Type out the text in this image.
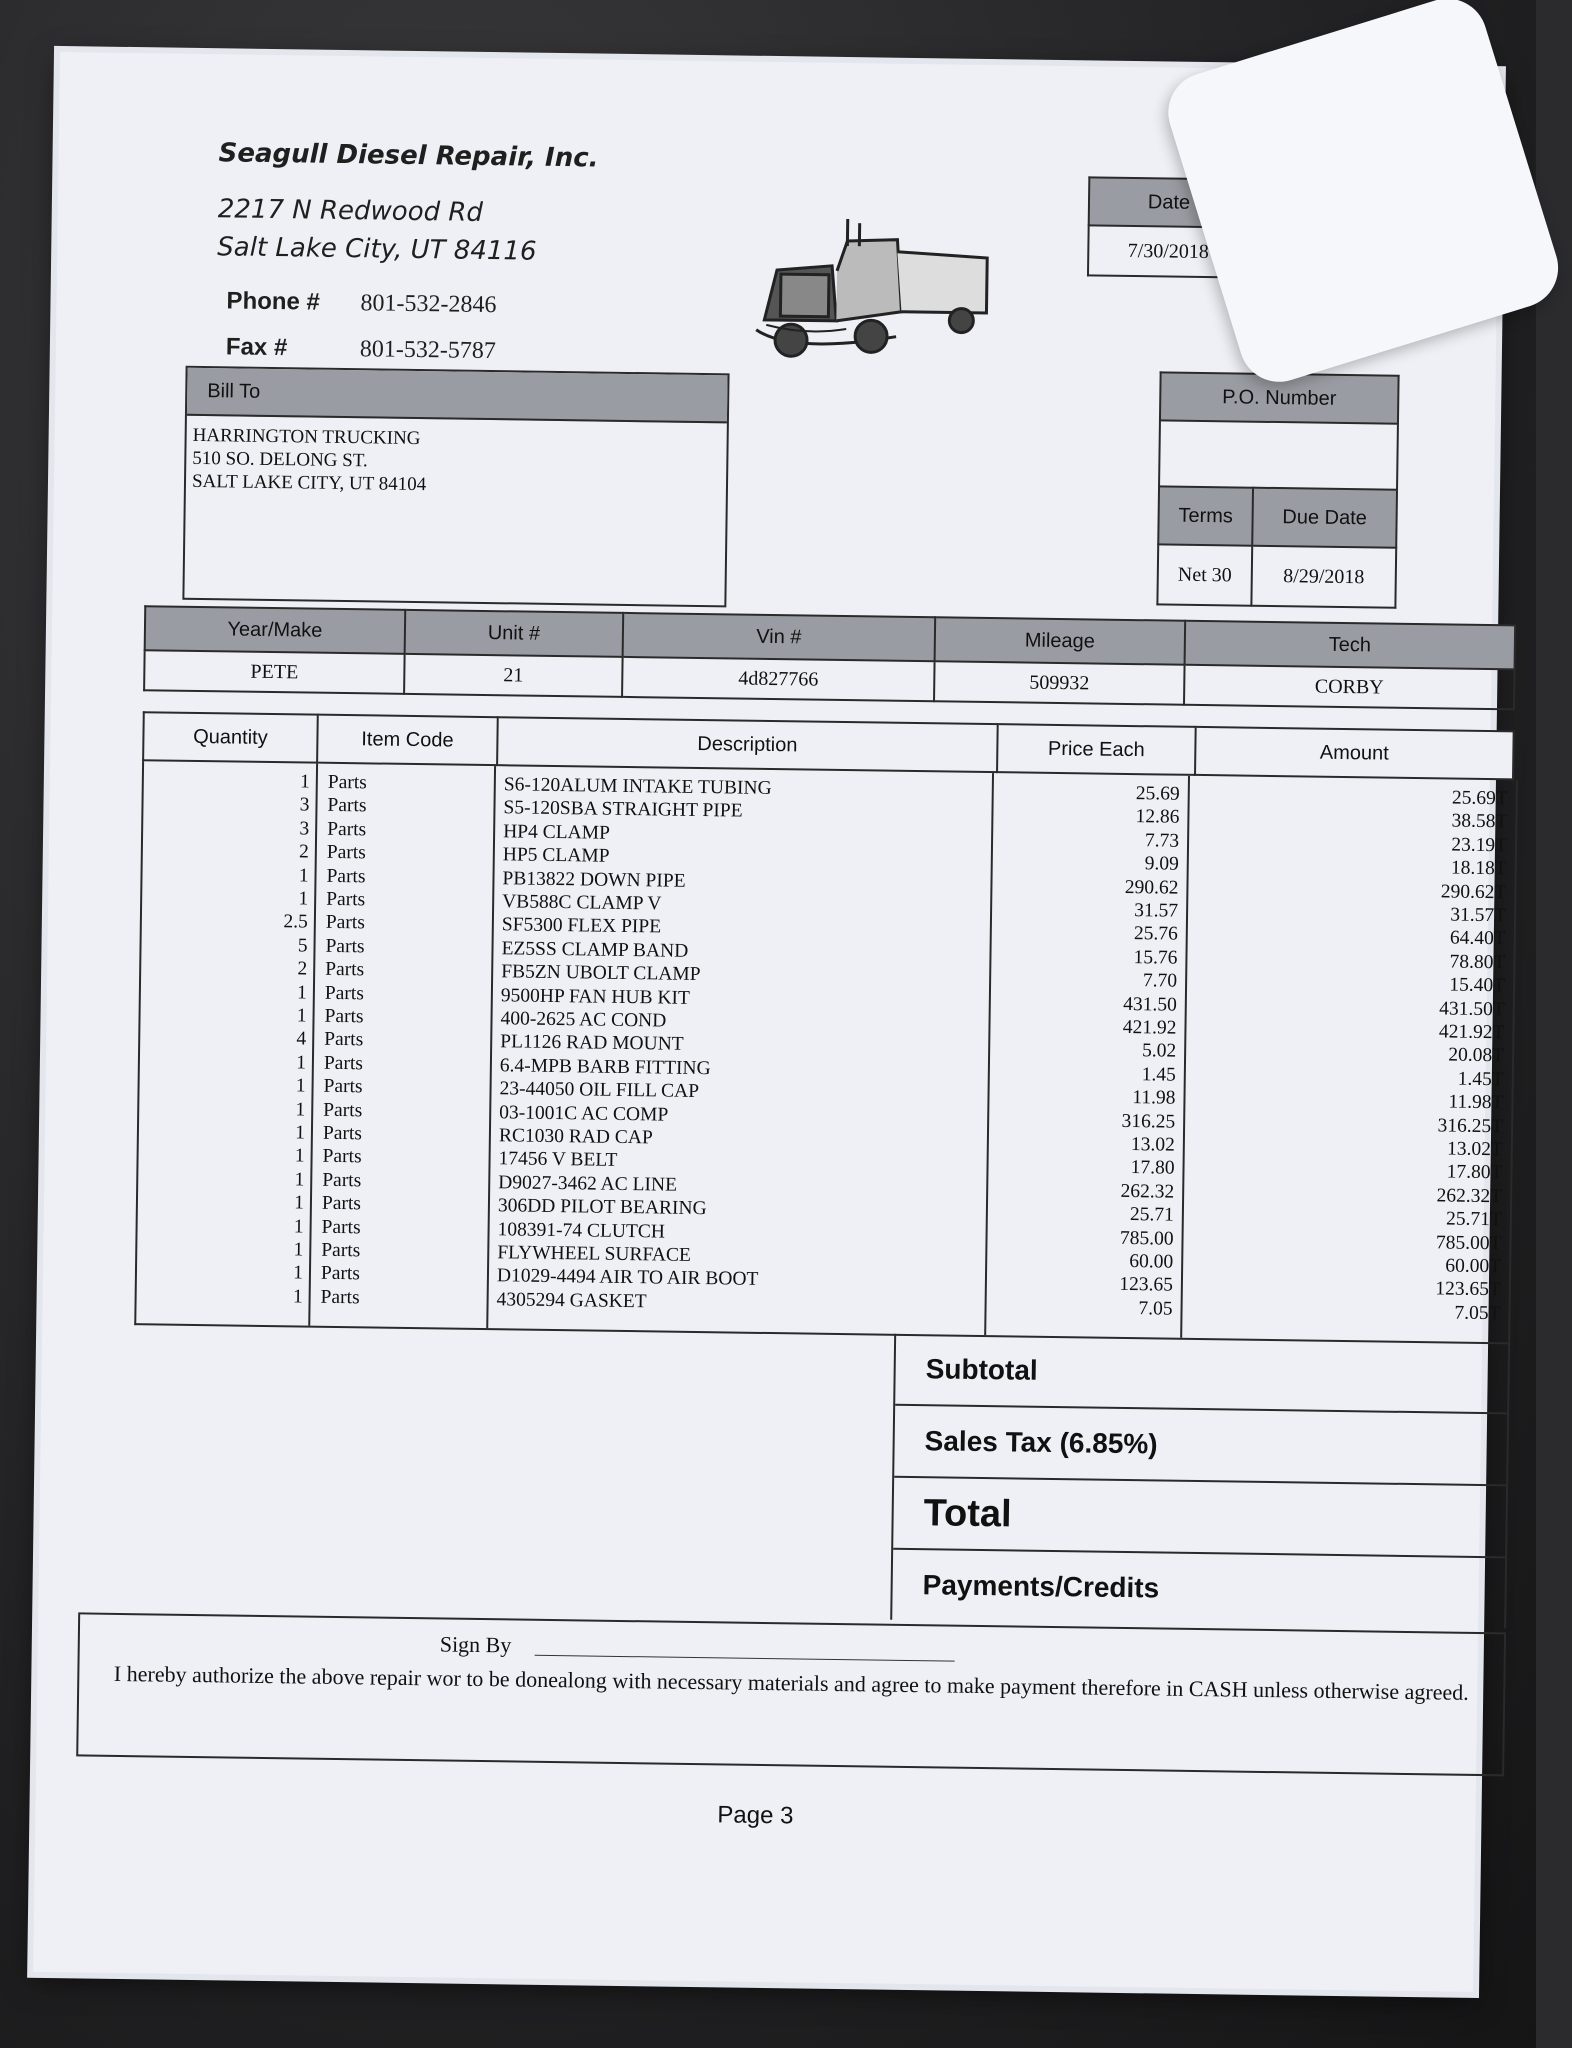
Seagull Diesel Repair, Inc.
2217 N Redwood Rd
Salt Lake City, UT 84116
Phone #	801-532-2846
Fax #	801-532-5787
Date	
7/30/2018	
Bill To
HARRINGTON TRUCKING
510 SO. DELONG ST.
SALT LAKE CITY, UT 84104
P.O. Number	

Terms	Due Date
Net 30	8/29/2018
Year/Make	Unit #	Vin #	Mileage	Tech
PETE	21	4d827766	509932	CORBY
Quantity	Item Code	Description	Price Each	Amount
1 Parts	S6-120ALUM INTAKE TUBING	25.69	25.69T
3 Parts	S5-120SBA STRAIGHT PIPE	12.86	38.58T
3 Parts	HP4 CLAMP	7.73	23.19T
2 Parts	HP5 CLAMP	9.09	18.18T
1 Parts	PB13822 DOWN PIPE	290.62	290.62T
1 Parts	VB588C CLAMP V	31.57	31.57T
2.5 Parts	SF5300 FLEX PIPE	25.76	64.40T
5 Parts	EZ5SS CLAMP BAND	15.76	78.80T
2 Parts	FB5ZN UBOLT CLAMP	7.70	15.40T
1 Parts	9500HP FAN HUB KIT	431.50	431.50T
1 Parts	400-2625 AC COND	421.92	421.92T
4 Parts	PL1126 RAD MOUNT	5.02	20.08T
1 Parts	6.4-MPB BARB FITTING	1.45	1.45T
1 Parts	23-44050 OIL FILL CAP	11.98	11.98T
1 Parts	03-1001C AC COMP	316.25	316.25T
1 Parts	RC1030 RAD CAP	13.02	13.02T
1 Parts	17456 V BELT	17.80	17.80T
1 Parts	D9027-3462 AC LINE	262.32	262.32T
1 Parts	306DD PILOT BEARING	25.71	25.71T
1 Parts	108391-74 CLUTCH	785.00	785.00T
1 Parts	FLYWHEEL SURFACE	60.00	60.00T
1 Parts	D1029-4494 AIR TO AIR BOOT	123.65	123.65T
1 Parts	4305294 GASKET	7.05	7.05T
Subtotal
Sales Tax (6.85%)
Total
Payments/Credits
Sign By
I hereby authorize the above repair wor to be donealong with necessary materials and agree to make payment therefore in CASH unless otherwise agreed.
Page 3
